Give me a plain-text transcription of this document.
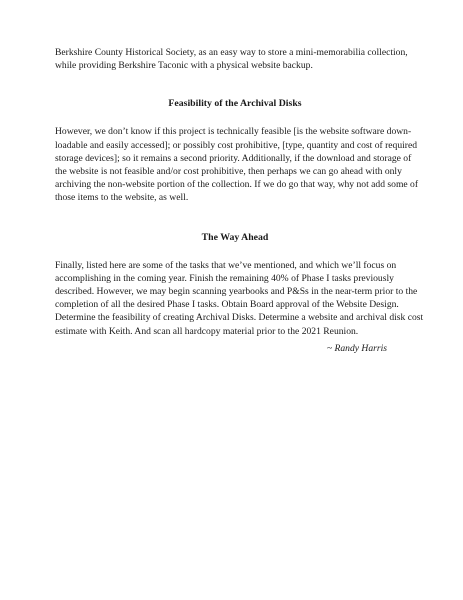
Berkshire County Historical Society, as an easy way to store a mini-memorabilia collection,
while providing Berkshire Taconic with a physical website backup.

Feasibility of the Archival Disks

However, we don’t know if this project is technically feasible [is the website software down-
loadable and easily accessed]; or possibly cost prohibitive, [type, quantity and cost of required
storage devices]; so it remains a second priority. Additionally, if the download and storage of
the website is not feasible and/or cost prohibitive, then perhaps we can go ahead with only
archiving the non-website portion of the collection. If we do go that way, why not add some of
those items to the website, as well.

The Way Ahead

Finally, listed here are some of the tasks that we’ve mentioned, and which we’ll focus on
accomplishing in the coming year. Finish the remaining 40% of Phase I tasks previously
described. However, we may begin scanning yearbooks and P&Ss in the near-term prior to the
completion of all the desired Phase I tasks. Obtain Board approval of the Website Design.
Determine the feasibility of creating Archival Disks. Determine a website and archival disk cost
estimate with Keith. And scan all hardcopy material prior to the 2021 Reunion.

~ Randy Harris
